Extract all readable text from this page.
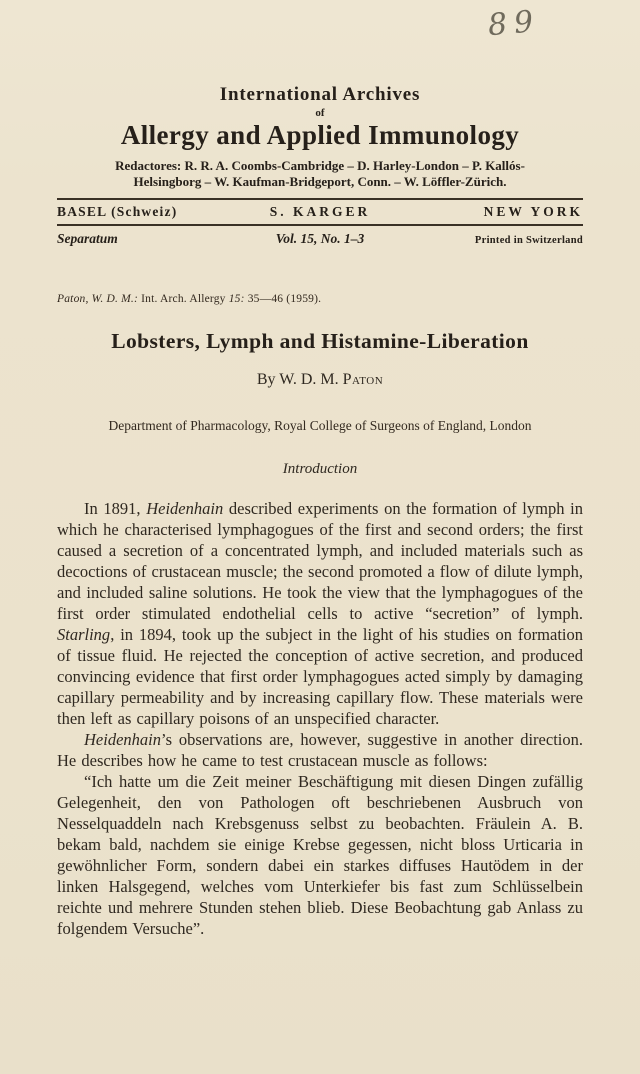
89
International Archives
of
Allergy and Applied Immunology
Redactores: R. R. A. Coombs-Cambridge – D. Harley-London – P. Kallós-
Helsingborg – W. Kaufman-Bridgeport, Conn. – W. Löffler-Zürich.
BASEL (Schweiz)	S. KARGER	NEW YORK
Separatum	Vol. 15, No. 1–3	Printed in Switzerland
Paton, W. D. M.: Int. Arch. Allergy 15: 35—46 (1959).
Lobsters, Lymph and Histamine-Liberation
By W. D. M. Paton
Department of Pharmacology, Royal College of Surgeons of England, London
Introduction

In 1891, Heidenhain described experiments on the formation of lymph in which he characterised lymphagogues of the first and second orders; the first caused a secretion of a concentrated lymph, and included materials such as decoctions of crustacean muscle; the second promoted a flow of dilute lymph, and included saline solutions. He took the view that the lymphagogues of the first order stimulated endothelial cells to active “secretion” of lymph. Starling, in 1894, took up the subject in the light of his studies on formation of tissue fluid. He rejected the conception of active secretion, and produced convincing evidence that first order lymphagogues acted simply by damaging capillary permeability and by increasing capillary flow. These materials were then left as capillary poisons of an unspecified character.

Heidenhain’s observations are, however, suggestive in another direction. He describes how he came to test crustacean muscle as follows:

“Ich hatte um die Zeit meiner Beschäftigung mit diesen Dingen zufällig Gelegenheit, den von Pathologen oft beschriebenen Ausbruch von Nesselquaddeln nach Krebsgenuss selbst zu beobachten. Fräulein A. B. bekam bald, nachdem sie einige Krebse gegessen, nicht bloss Urticaria in gewöhnlicher Form, sondern dabei ein starkes diffuses Hautödem in der linken Halsgegend, welches vom Unterkiefer bis fast zum Schlüsselbein reichte und mehrere Stunden stehen blieb. Diese Beobachtung gab Anlass zu folgendem Versuche”.
